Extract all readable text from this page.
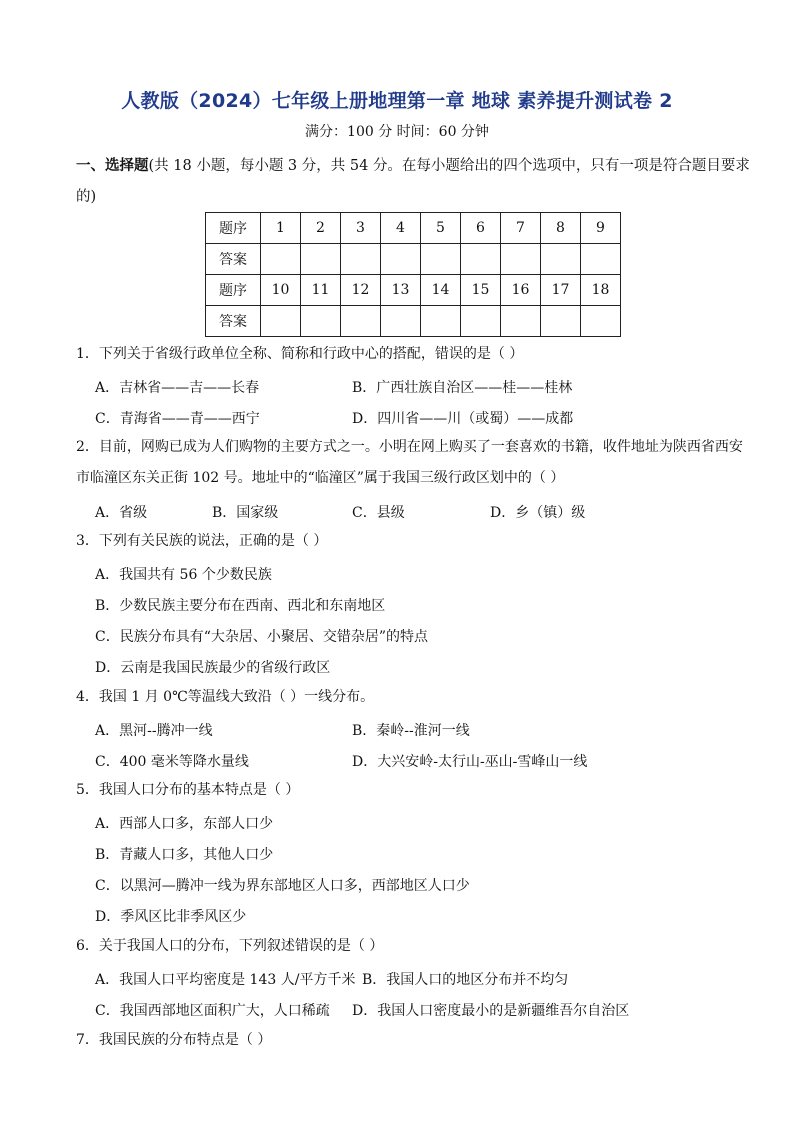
人教版（2024）七年级上册地理第一章 地球 素养提升测试卷 2
满分：100 分 时间：60 分钟
一、选择题(共 18 小题，每小题 3 分，共 54 分。在每小题给出的四个选项中，只有一项是符合题目要求的)
题序	1	2	3	4	5	6	7	8	9
答案									
题序	10	11	12	13	14	15	16	17	18
答案									
1．下列关于省级行政单位全称、简称和行政中心的搭配，错误的是（ ）
A．吉林省——吉——长春	B．广西壮族自治区——桂——桂林
C．青海省——青——西宁	D．四川省——川（或蜀）——成都
2．目前，网购已成为人们购物的主要方式之一。小明在网上购买了一套喜欢的书籍，收件地址为陕西省西安市临潼区东关正街 102 号。地址中的“临潼区”属于我国三级行政区划中的（ ）
A．省级	B．国家级	C．县级	D．乡（镇）级
3．下列有关民族的说法，正确的是（ ）
A．我国共有 56 个少数民族
B．少数民族主要分布在西南、西北和东南地区
C．民族分布具有“大杂居、小聚居、交错杂居”的特点
D．云南是我国民族最少的省级行政区
4．我国 1 月 0℃等温线大致沿（ ）一线分布。
A．黑河--腾冲一线	B．秦岭--淮河一线
C．400 毫米等降水量线	D．大兴安岭-太行山-巫山-雪峰山一线
5．我国人口分布的基本特点是（ ）
A．西部人口多，东部人口少
B．青藏人口多，其他人口少
C．以黑河—腾冲一线为界东部地区人口多，西部地区人口少
D．季风区比非季风区少
6．关于我国人口的分布，下列叙述错误的是（ ）
A．我国人口平均密度是 143 人/平方千米 B．我国人口的地区分布并不均匀
C．我国西部地区面积广大，人口稀疏 D．我国人口密度最小的是新疆维吾尔自治区
7．我国民族的分布特点是（ ）
